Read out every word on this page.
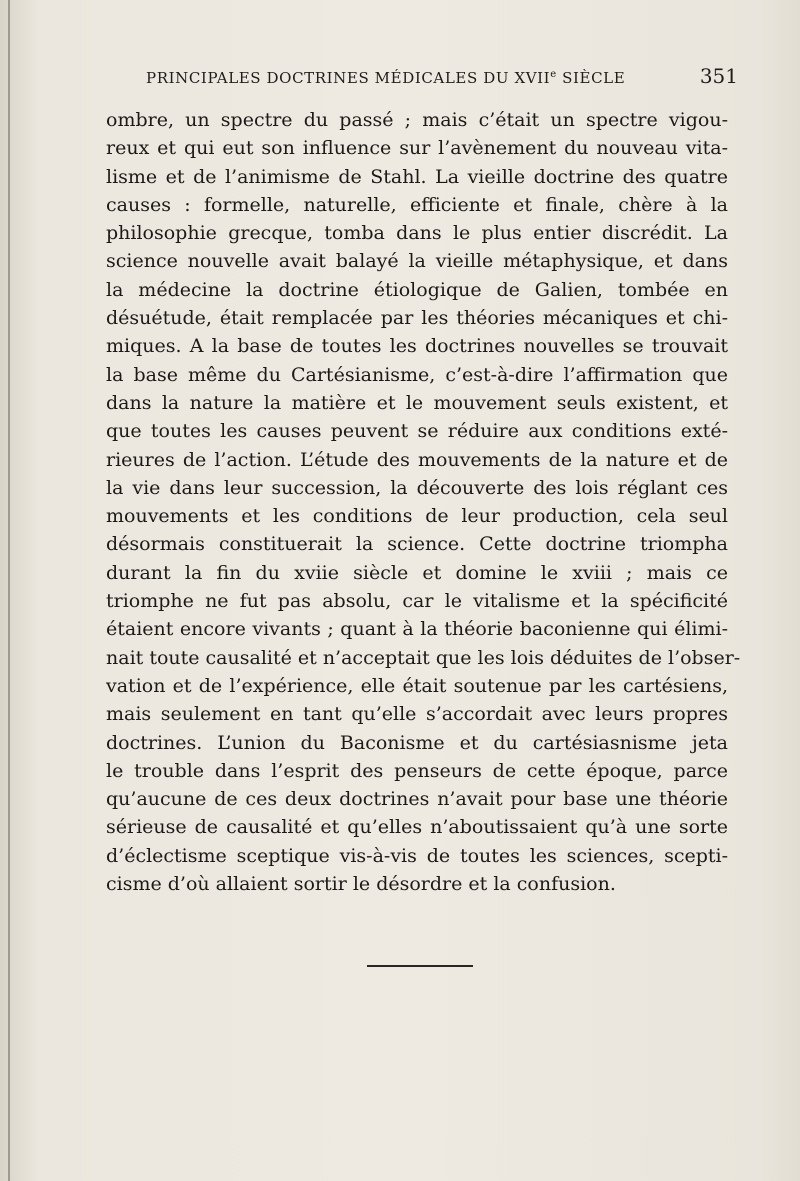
PRINCIPALES DOCTRINES MÉDICALES DU XVIIe SIÈCLE	351
ombre, un spectre du passé ; mais c’était un spectre vigou-
reux et qui eut son influence sur l’avènement du nouveau vita-
lisme et de l’animisme de Stahl. La vieille doctrine des quatre
causes : formelle, naturelle, efficiente et finale, chère à la
philosophie grecque, tomba dans le plus entier discrédit. La
science nouvelle avait balayé la vieille métaphysique, et dans
la médecine la doctrine étiologique de Galien, tombée en
désuétude, était remplacée par les théories mécaniques et chi-
miques. A la base de toutes les doctrines nouvelles se trouvait
la base même du Cartésianisme, c’est-à-dire l’affirmation que
dans la nature la matière et le mouvement seuls existent, et
que toutes les causes peuvent se réduire aux conditions exté-
rieures de l’action. L’étude des mouvements de la nature et de
la vie dans leur succession, la découverte des lois réglant ces
mouvements et les conditions de leur production, cela seul
désormais constituerait la science. Cette doctrine triompha
durant la fin du xviie siècle et domine le xviii ; mais ce
triomphe ne fut pas absolu, car le vitalisme et la spécificité
étaient encore vivants ; quant à la théorie baconienne qui élimi-
nait toute causalité et n’acceptait que les lois déduites de l’obser-
vation et de l’expérience, elle était soutenue par les cartésiens,
mais seulement en tant qu’elle s’accordait avec leurs propres
doctrines. L’union du Baconisme et du cartésiasnisme jeta
le trouble dans l’esprit des penseurs de cette époque, parce
qu’aucune de ces deux doctrines n’avait pour base une théorie
sérieuse de causalité et qu’elles n’aboutissaient qu’à une sorte
d’éclectisme sceptique vis-à-vis de toutes les sciences, scepti-
cisme d’où allaient sortir le désordre et la confusion.
